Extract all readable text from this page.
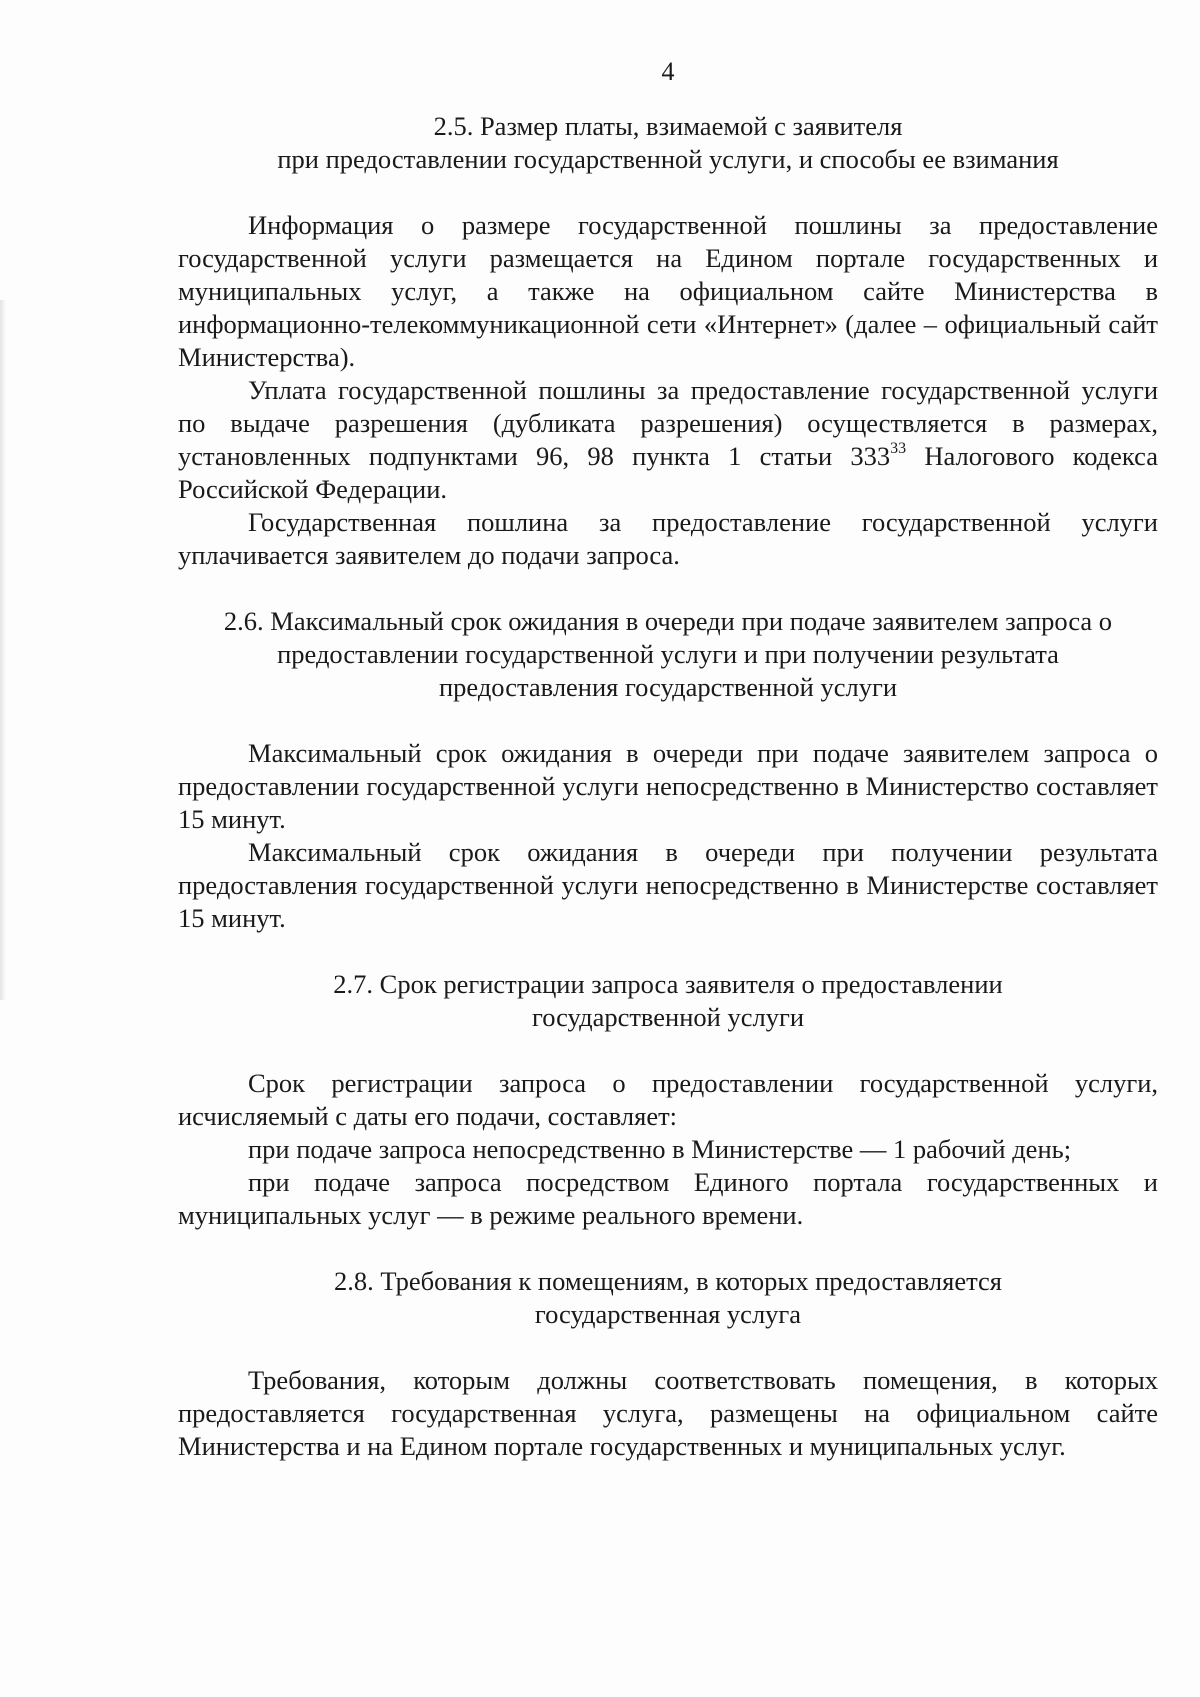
4
2.5. Размер платы, взимаемой с заявителя
при предоставлении государственной услуги, и способы ее взимания

Информация о размере государственной пошлины за предоставление государственной услуги размещается на Едином портале государственных и муниципальных услуг, а также на официальном сайте Министерства в информационно-телекоммуникационной сети «Интернет» (далее – официальный сайт Министерства).

Уплата государственной пошлины за предоставление государственной услуги по выдаче разрешения (дубликата разрешения) осуществляется в размерах, установленных подпунктами 96, 98 пункта 1 статьи $333^{33}$ Налогового кодекса Российской Федерации.

Государственная пошлина за предоставление государственной услуги уплачивается заявителем до подачи запроса.

2.6. Максимальный срок ожидания в очереди при подаче заявителем запроса о
предоставлении государственной услуги и при получении результата
предоставления государственной услуги

Максимальный срок ожидания в очереди при подаче заявителем запроса о предоставлении государственной услуги непосредственно в Министерство составляет 15 минут.

Максимальный срок ожидания в очереди при получении результата предоставления государственной услуги непосредственно в Министерстве составляет 15 минут.

2.7. Срок регистрации запроса заявителя о предоставлении
государственной услуги

Срок регистрации запроса о предоставлении государственной услуги, исчисляемый с даты его подачи, составляет:

при подаче запроса непосредственно в Министерстве — 1 рабочий день;

при подаче запроса посредством Единого портала государственных и муниципальных услуг — в режиме реального времени.

2.8. Требования к помещениям, в которых предоставляется
государственная услуга

Требования, которым должны соответствовать помещения, в которых предоставляется государственная услуга, размещены на официальном сайте Министерства и на Едином портале государственных и муниципальных услуг.
